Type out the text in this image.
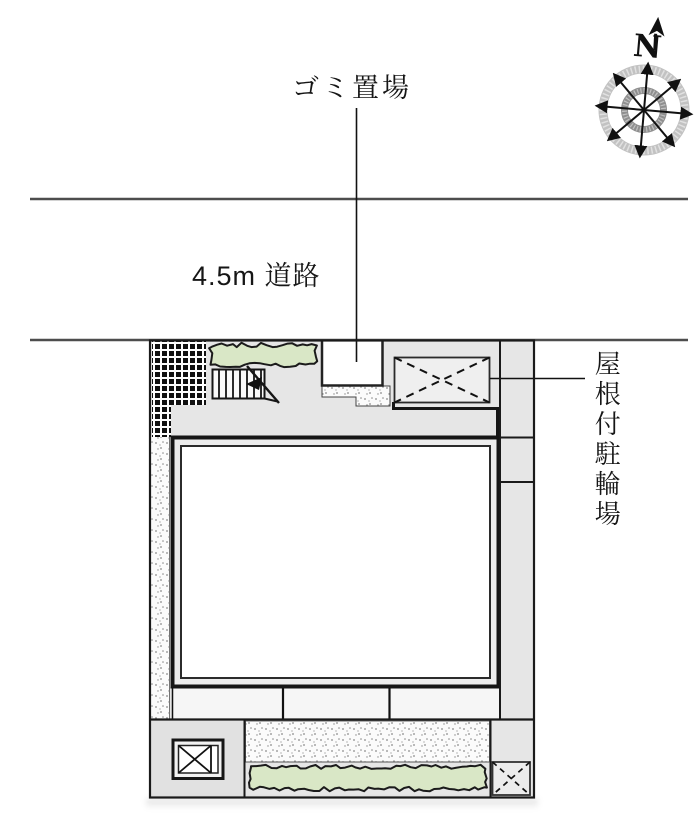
N
ゴミ置場
4.5m 道路
屋根付駐輪場
